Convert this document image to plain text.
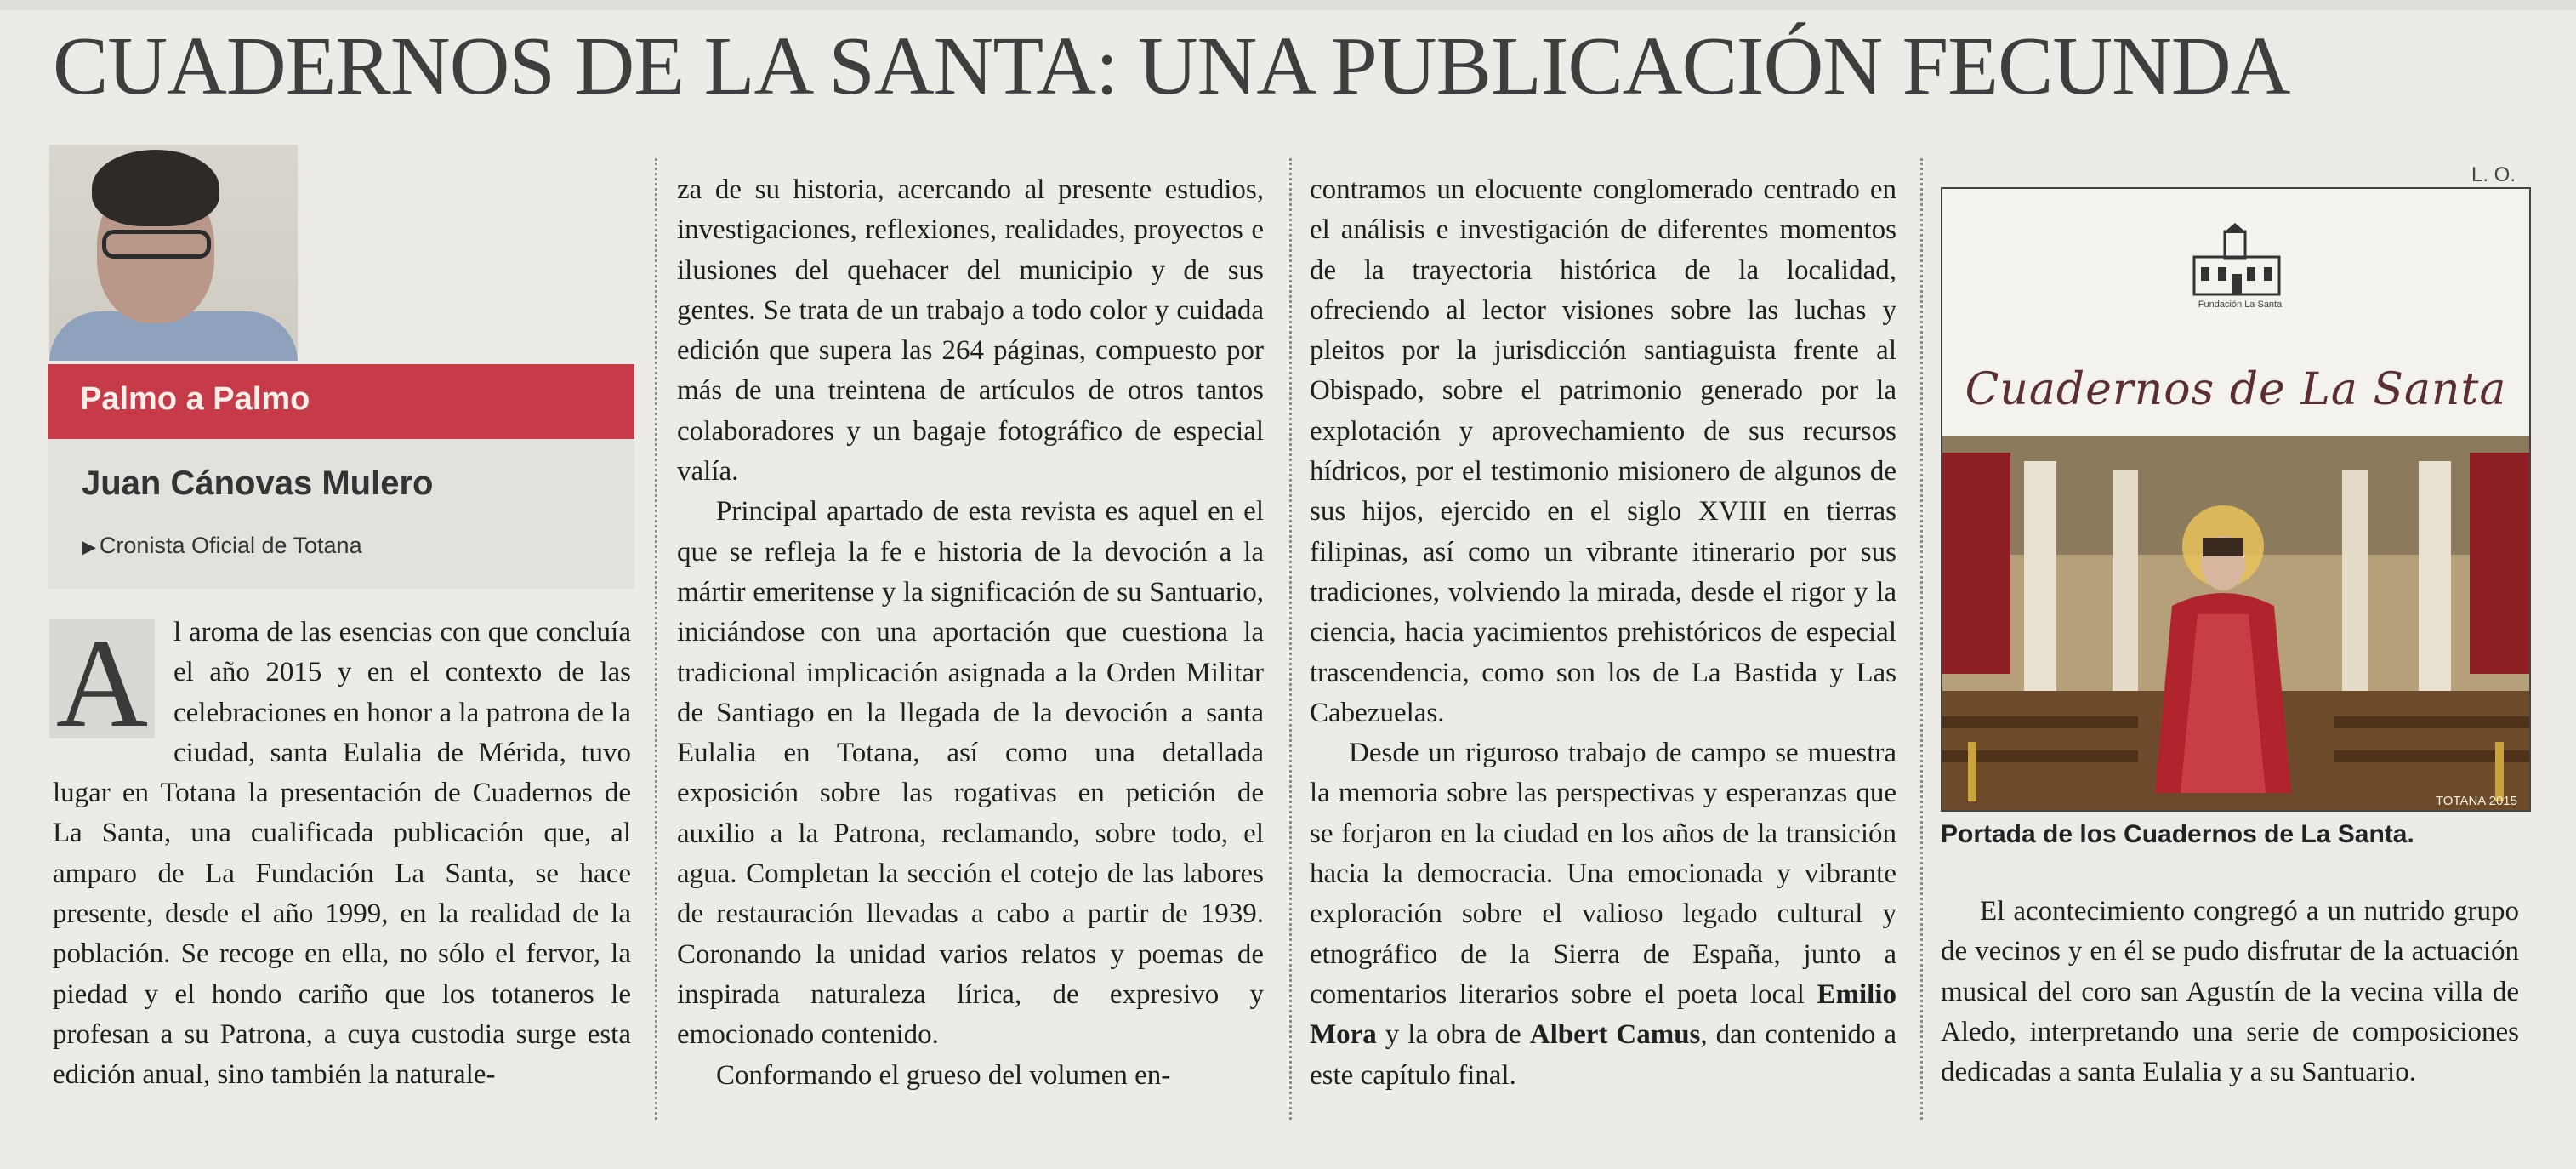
CUADERNOS DE LA SANTA: UNA PUBLICACIÓN FECUNDA
Palmo a Palmo
Juan Cánovas Mulero
▶ Cronista Oficial de Totana
A l aroma de las esencias con que concluía el año 2015 y en el contexto de las celebraciones en honor a la patrona de la ciudad, santa Eulalia de Mérida, tuvo lugar en Totana la presentación de Cuadernos de La Santa, una cualificada publicación que, al amparo de La Fundación La Santa, se hace presente, desde el año 1999, en la realidad de la población. Se recoge en ella, no sólo el fervor, la piedad y el hondo cariño que los totaneros le profesan a su Patrona, a cuya custodia surge esta edición anual, sino también la naturale-

za de su historia, acercando al presente estudios, investigaciones, reflexiones, realidades, proyectos e ilusiones del quehacer del municipio y de sus gentes. Se trata de un trabajo a todo color y cuidada edición que supera las 264 páginas, compuesto por más de una treintena de artículos de otros tantos colaboradores y un bagaje fotográfico de especial valía.

Principal apartado de esta revista es aquel en el que se refleja la fe e historia de la devoción a la mártir emeritense y la significación de su Santuario, iniciándose con una aportación que cuestiona la tradicional implicación asignada a la Orden Militar de Santiago en la llegada de la devoción a santa Eulalia en Totana, así como una detallada exposición sobre las rogativas en petición de auxilio a la Patrona, reclamando, sobre todo, el agua. Completan la sección el cotejo de las labores de restauración llevadas a cabo a partir de 1939. Coronando la unidad varios relatos y poemas de inspirada naturaleza lírica, de expresivo y emocionado contenido.

Conformando el grueso del volumen en-

contramos un elocuente conglomerado centrado en el análisis e investigación de diferentes momentos de la trayectoria histórica de la localidad, ofreciendo al lector visiones sobre las luchas y pleitos por la jurisdicción santiaguista frente al Obispado, sobre el patrimonio generado por la explotación y aprovechamiento de sus recursos hídricos, por el testimonio misionero de algunos de sus hijos, ejercido en el siglo XVIII en tierras filipinas, así como un vibrante itinerario por sus tradiciones, volviendo la mirada, desde el rigor y la ciencia, hacia yacimientos prehistóricos de especial trascendencia, como son los de La Bastida y Las Cabezuelas.

Desde un riguroso trabajo de campo se muestra la memoria sobre las perspectivas y esperanzas que se forjaron en la ciudad en los años de la transición hacia la democracia. Una emocionada y vibrante exploración sobre el valioso legado cultural y etnográfico de la Sierra de España, junto a comentarios literarios sobre el poeta local Emilio Mora y la obra de Albert Camus, dan contenido a este capítulo final.

L. O.
Fundación La Santa
Cuadernos de La Santa
TOTANA 2015
Portada de los Cuadernos de La Santa.

El acontecimiento congregó a un nutrido grupo de vecinos y en él se pudo disfrutar de la actuación musical del coro san Agustín de la vecina villa de Aledo, interpretando una serie de composiciones dedicadas a santa Eulalia y a su Santuario.
